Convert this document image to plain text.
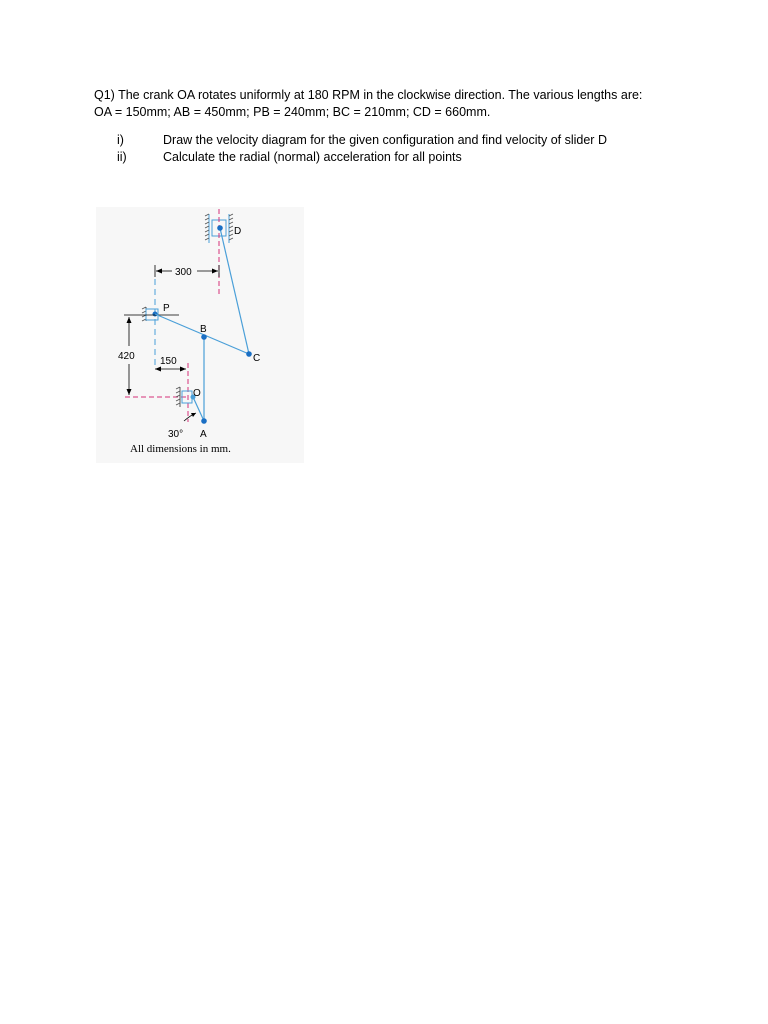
Q1) The crank OA rotates uniformly at 180 RPM in the clockwise direction. The various lengths are:

OA = 150mm; AB = 450mm; PB = 240mm; BC = 210mm; CD = 660mm.

i)	Draw the velocity diagram for the given configuration and find velocity of slider D
ii)	Calculate the radial (normal) acceleration for all points
300
420	150
D
P
B
C
O
A
30°
All dimensions in mm.
